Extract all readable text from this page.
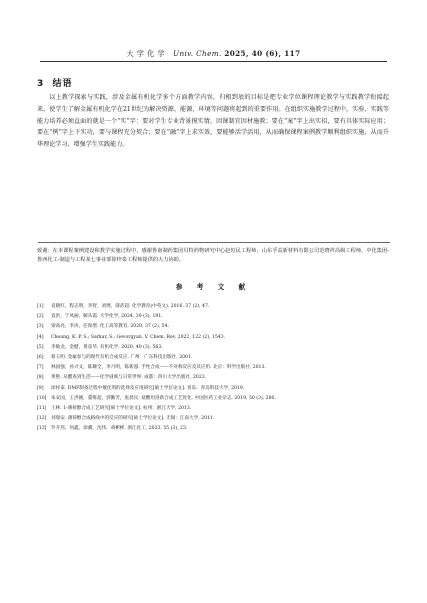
大 学 化 学 Univ. Chem. 2025, 40 (6), 117
3 结语

以上教学探索与实践，涉及金属有机化学多个方面教学内容，归根到底的目标是把专业学位课程理论教学与实践教学衔接起来，使学生了解金属有机化学在21世纪为解决资源、能源、环境等问题将起到的重要作用。在组织实施教学过程中，实验、实践等能力培养必须直面的就是一个“实”字：要对学生专业背景摸实情，因课制宜因材施教；要在“案”字上出实招，要有具体实际应用；要在“例”字上下实功，要与课程充分契合；要在“融”字上求实效，要能够活学活用，从而确保课程案例教学顺利组织实施，从而升华理论学习，增强学生实践能力。

致谢：在本课程案例建设和教学实施过程中，感谢鲁南制药集团贝特药物研究中心赵恒民工程师、山东孚益新材料有限公司范晓祥高级工程师、中化集团-鲁西化工-制造与工程某七事业部徐梓泰工程师提供的大力协助。
参 考 文 献
[1]	袁晓红，程志明，李智，刘博，薛武超. 化学教育(中英文), 2016, 37 (2), 47.
[2]	袁洪，于凤丽，解从霞. 大学化学, 2024, 39 (3), 191.
[3]	梁高亮，李涛，任保增. 化工高等教育, 2020, 37 (2), 54.
[4]	Cheung, K. P. S.; Sarkar, S.; Gevorgyan, V. Chem. Rev. 2022, 122 (2), 1543.
[5]	李敏龙，金健，黄彦华. 有机化学, 2020, 40 (3), 563.
[6]	蔡玉明. 金属参与的现代有机合成反应. 广州：广东科技出版社, 2001.
[7]	林国强，孙兴文，陈耀全，李月明，陈新滋. 手性合成——不对称反应及其应用. 北京：科学出版社, 2013.
[8]	黄艳. 从醋查到生活——化学谜寓与日常世界. 成都：四川大学出版社, 2023.
[9]	徐梓泰. DMF制备过程中催化剂的选择及应用研究[硕士学位论文]. 青岛：青岛科技大学, 2019.
[10] 朱安国，王洪刚，董维超，郭勤芳，张晨民. 盐酸坦洛新合成工艺优化. 中国医药工业杂志, 2019, 50 (3), 280.
[11] 王林. 1-薄荷醇合成工艺研究[硕士学位论文]. 杭州：浙江大学, 2013.
[12] 刘瑞安. 薄荷醇合成路线中的反应的研究[硕士学位论文]. 无锡：江南大学, 2011.
[13] 罗开伟，何鑫，徐骥，沈伟，胡彬彬. 浙江化工, 2023, 55 (3), 23.
